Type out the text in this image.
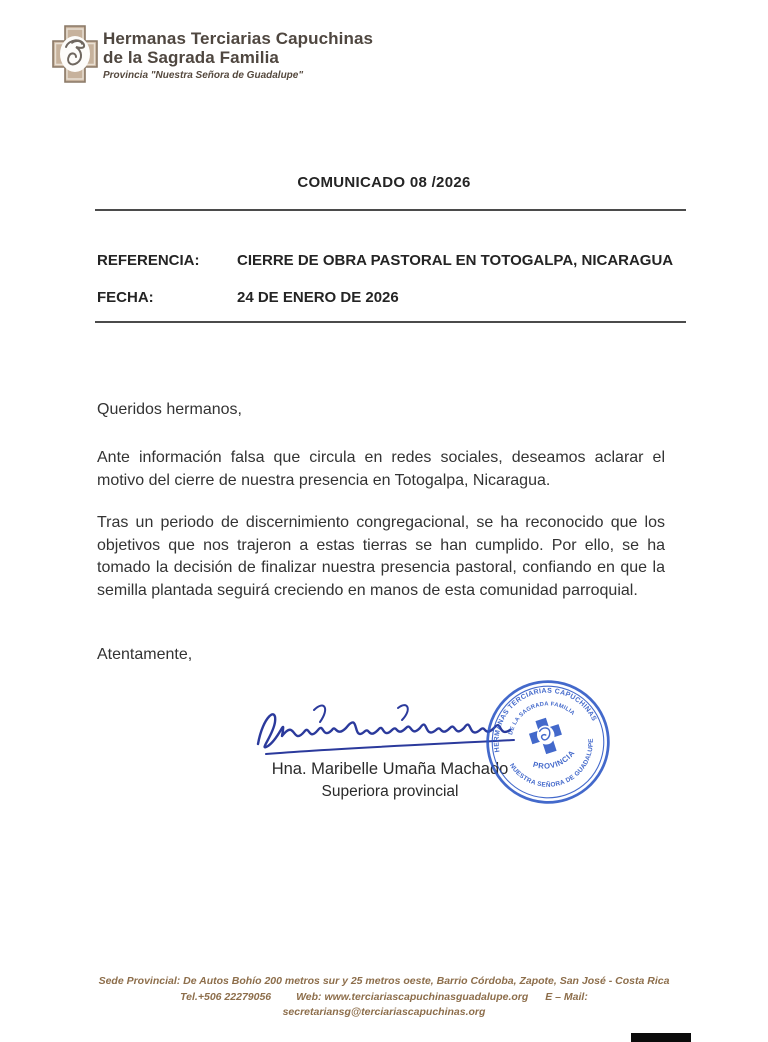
Hermanas Terciarias Capuchinas
de la Sagrada Familia
Provincia "Nuestra Señora de Guadalupe"
COMUNICADO 08 /2026
REFERENCIA: CIERRE DE OBRA PASTORAL EN TOTOGALPA, NICARAGUA
FECHA:	24 DE ENERO DE 2026
Queridos hermanos,

Ante información falsa que circula en redes sociales, deseamos aclarar el motivo del cierre de nuestra presencia en Totogalpa, Nicaragua.

Tras un periodo de discernimiento congregacional, se ha reconocido que los objetivos que nos trajeron a estas tierras se han cumplido. Por ello, se ha tomado la decisión de finalizar nuestra presencia pastoral, confiando en que la semilla plantada seguirá creciendo en manos de esta comunidad parroquial.

Atentamente,
Hna. Maribelle Umaña Machado
Superiora provincial
HERMANAS TERCIARIAS CAPUCHINAS
DE LA SAGRADA FAMILIA
NUESTRA SEÑORA DE GUADALUPE
PROVINCIA
Sede Provincial: De Autos Bohío 200 metros sur y 25 metros oeste, Barrio Córdoba, Zapote, San José - Costa Rica
Tel.+506 22279056 Web: www.terciariascapuchinasguadalupe.org E – Mail:
secretariansg@terciariascapuchinas.org
